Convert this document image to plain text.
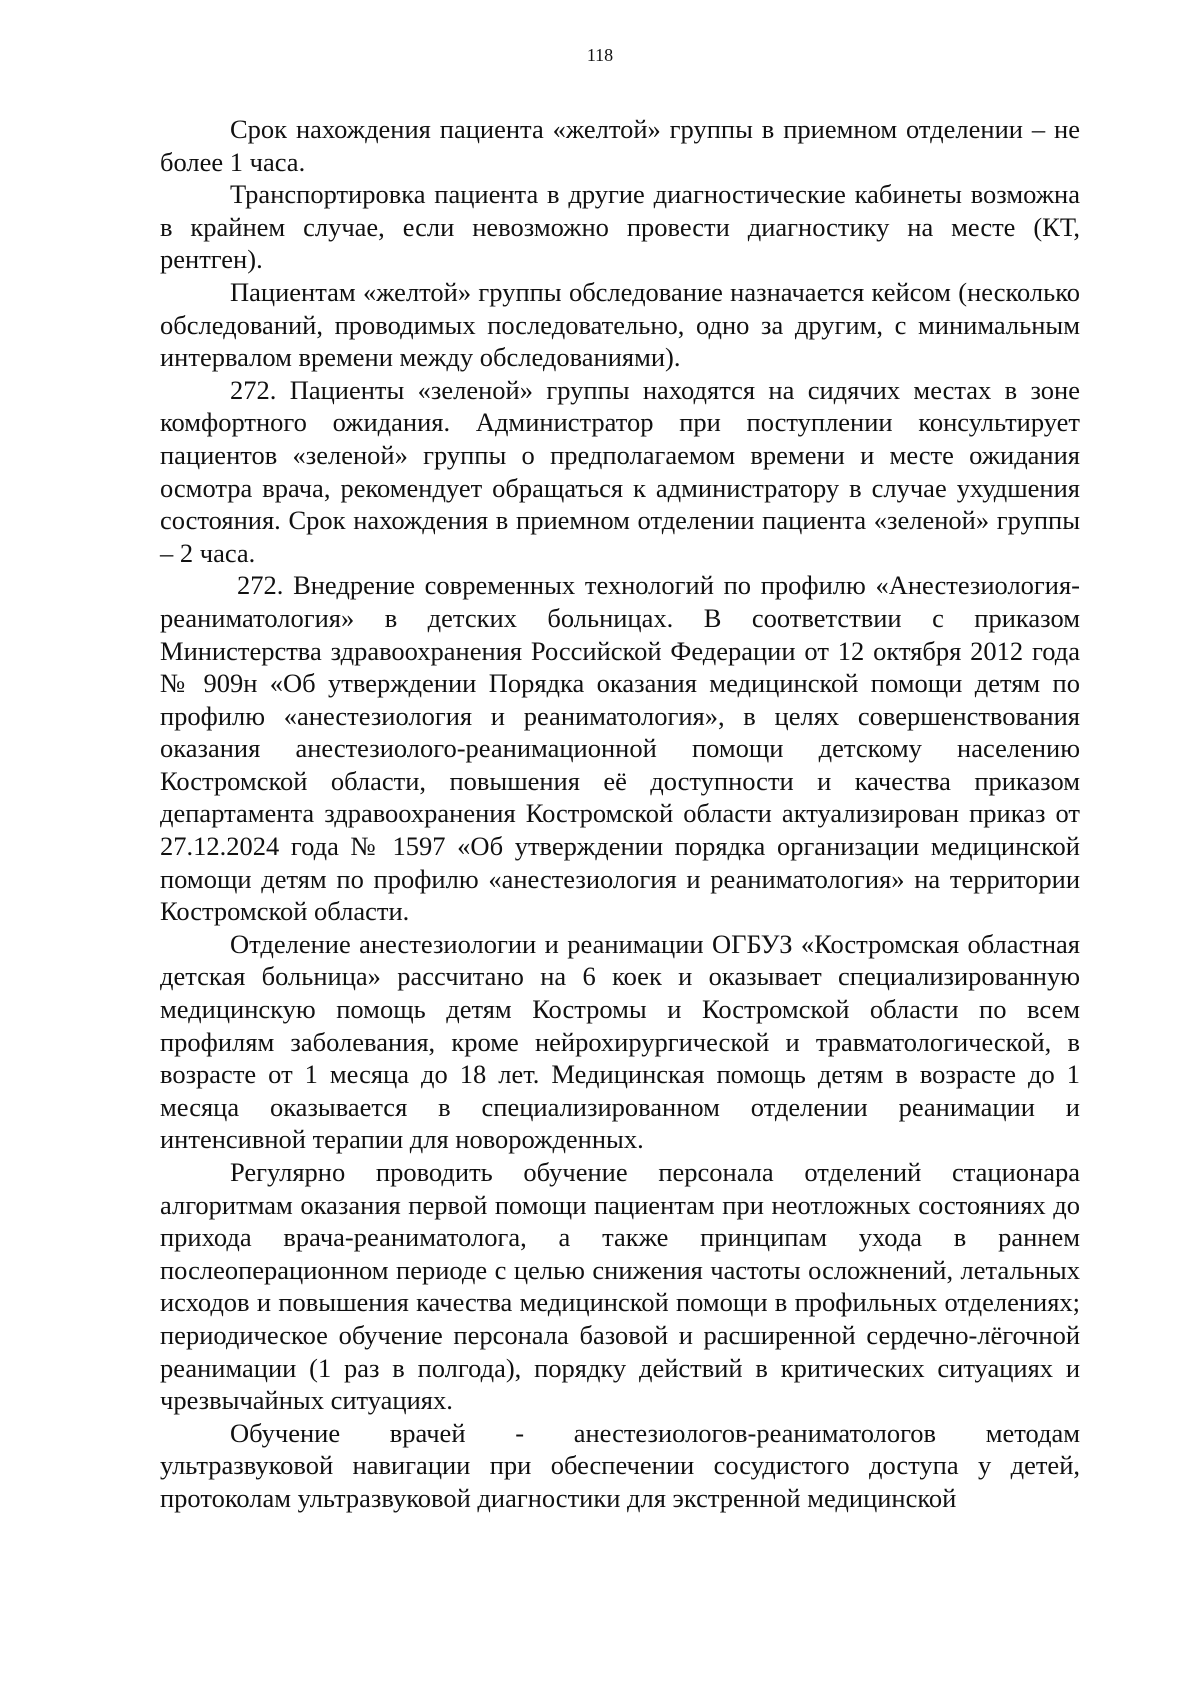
118

Срок нахождения пациента «желтой» группы в приемном отделении – не более 1 часа.

Транспортировка пациента в другие диагностические кабинеты возможна в крайнем случае, если невозможно провести диагностику на месте (КТ, рентген).

Пациентам «желтой» группы обследование назначается кейсом (несколько обследований, проводимых последовательно, одно за другим, с минимальным интервалом времени между обследованиями).

272. Пациенты «зеленой» группы находятся на сидячих местах в зоне комфортного ожидания. Администратор при поступлении консультирует пациентов «зеленой» группы о предполагаемом времени и месте ожидания осмотра врача, рекомендует обращаться к администратору в случае ухудшения состояния. Срок нахождения в приемном отделении пациента «зеленой» группы – 2 часа.

272. Внедрение современных технологий по профилю «Анестезиология-реаниматология» в детских больницах. В соответствии с приказом Министерства здравоохранения Российской Федерации от 12 октября 2012 года № 909н «Об утверждении Порядка оказания медицинской помощи детям по профилю «анестезиология и реаниматология», в целях совершенствования оказания анестезиолого-реанимационной помощи детскому населению Костромской области, повышения её доступности и качества приказом департамента здравоохранения Костромской области актуализирован приказ от 27.12.2024 года № 1597 «Об утверждении порядка организации медицинской помощи детям по профилю «анестезиология и реаниматология» на территории Костромской области.

Отделение анестезиологии и реанимации ОГБУЗ «Костромская областная детская больница» рассчитано на 6 коек и оказывает специализированную медицинскую помощь детям Костромы и Костромской области по всем профилям заболевания, кроме нейрохирургической и травматологической, в возрасте от 1 месяца до 18 лет. Медицинская помощь детям в возрасте до 1 месяца оказывается в специализированном отделении реанимации и интенсивной терапии для новорожденных.

Регулярно проводить обучение персонала отделений стационара алгоритмам оказания первой помощи пациентам при неотложных состояниях до прихода врача-реаниматолога, а также принципам ухода в раннем послеоперационном периоде с целью снижения частоты осложнений, летальных исходов и повышения качества медицинской помощи в профильных отделениях; периодическое обучение персонала базовой и расширенной сердечно-лёгочной реанимации (1 раз в полгода), порядку действий в критических ситуациях и чрезвычайных ситуациях.

Обучение врачей - анестезиологов-реаниматологов методам ультразвуковой навигации при обеспечении сосудистого доступа у детей, протоколам ультразвуковой диагностики для экстренной медицинской
